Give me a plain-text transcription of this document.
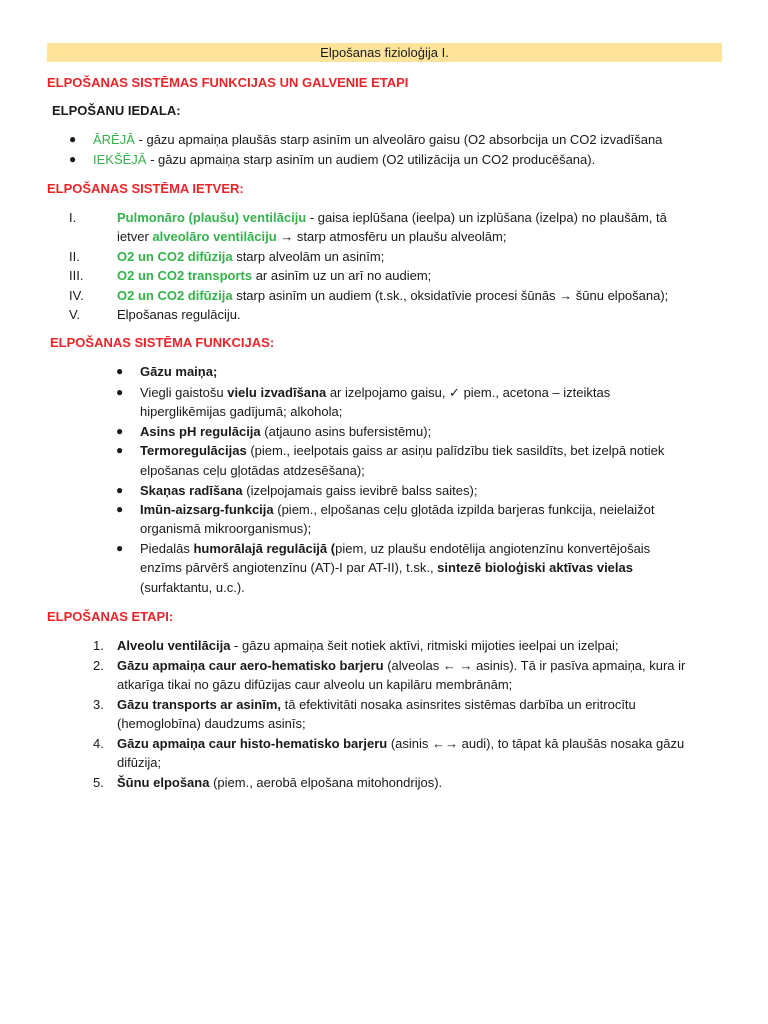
Elpošanas fizioloģija I.
ELPOŠANAS SISTĒMAS FUNKCIJAS UN GALVENIE ETAPI
ELPOŠANU IEDALA:
● ĀRĒJĀ - gāzu apmaiņa plaušās starp asinīm un alveolāro gaisu (O2 absorbcija un CO2 izvadīšana
● IEKŠĒJĀ - gāzu apmaiņa starp asinīm un audiem (O2 utilizācija un CO2 producēšana).
ELPOŠANAS SISTĒMA IETVER:
I.	Pulmonāro (plaušu) ventilāciju - gaisa ieplūšana (ieelpa) un izplūšana (izelpa) no plaušām, tā
ietver alveolāro ventilāciju → starp atmosfēru un plaušu alveolām;
II.	O2 un CO2 difūzija starp alveolām un asinīm;
III.	O2 un CO2 transports ar asinīm uz un arī no audiem;
IV.	O2 un CO2 difūzija starp asinīm un audiem (t.sk., oksidatīvie procesi šūnās → šūnu elpošana);
V.	Elpošanas regulāciju.
ELPOŠANAS SISTĒMA FUNKCIJAS:
● Gāzu maiņa;
● Viegli gaistošu vielu izvadīšana ar izelpojamo gaisu, ✓ piem., acetona – izteiktas
hiperglikēmijas gadījumā; alkohola;
● Asins pH regulācija (atjauno asins bufersistēmu);
● Termoregulācijas (piem., ieelpotais gaiss ar asiņu palīdzību tiek sasildīts, bet izelpā notiek
elpošanas ceļu gļotādas atdzesēšana);
● Skaņas radīšana (izelpojamais gaiss ievibrē balss saites);
● Imūn-aizsarg-funkcija (piem., elpošanas ceļu gļotāda izpilda barjeras funkcija, neielaižot
organismā mikroorganismus);
● Piedalās humorālajā regulācijā (piem, uz plaušu endotēlija angiotenzīnu konvertējošais
enzīms pārvērš angiotenzīnu (AT)-I par AT-II), t.sk., sintezē bioloģiski aktīvas vielas
(surfaktantu, u.c.).
ELPOŠANAS ETAPI:
1. Alveolu ventilācija - gāzu apmaiņa šeit notiek aktīvi, ritmiski mijoties ieelpai un izelpai;
2. Gāzu apmaiņa caur aero-hematisko barjeru (alveolas ← → asinis). Tā ir pasīva apmaiņa, kura ir
atkarīga tikai no gāzu difūzijas caur alveolu un kapilāru membrānām;
3. Gāzu transports ar asinīm, tā efektivitāti nosaka asinsrites sistēmas darbība un eritrocītu
(hemoglobīna) daudzums asinīs;
4. Gāzu apmaiņa caur histo-hematisko barjeru (asinis ←→ audi), to tāpat kā plaušās nosaka gāzu
difūzija;
5. Šūnu elpošana (piem., aerobā elpošana mitohondrijos).
